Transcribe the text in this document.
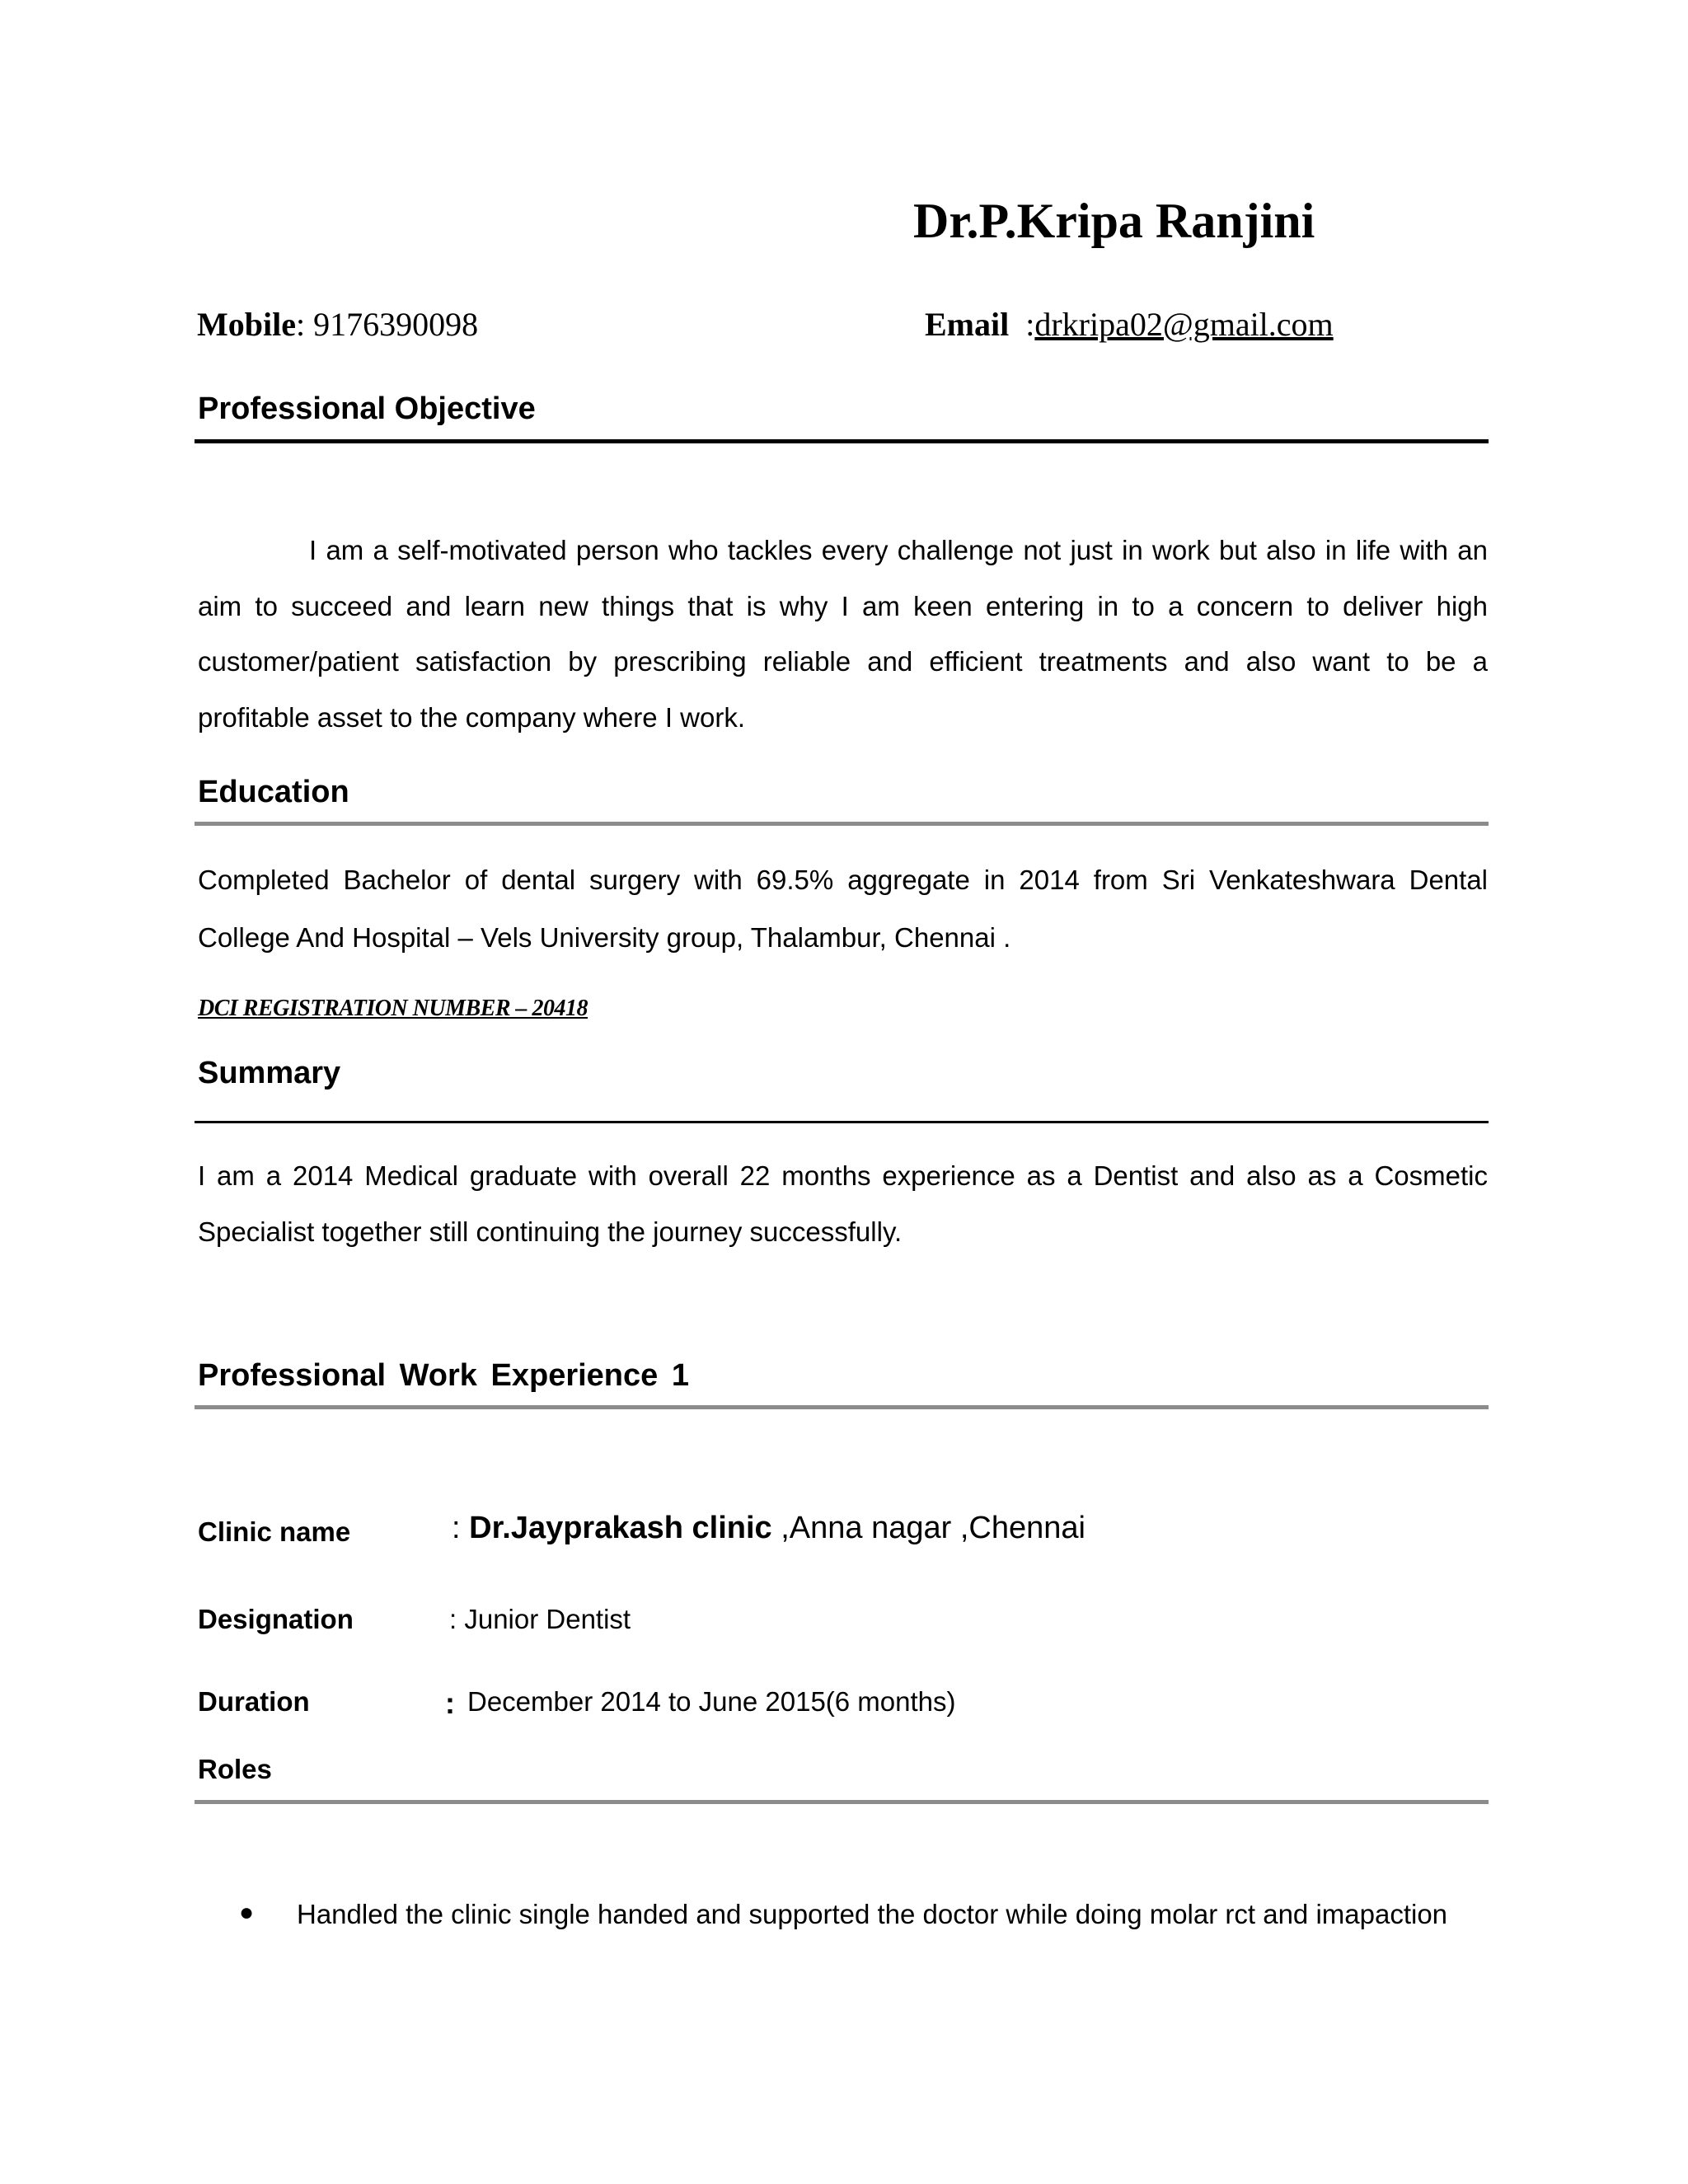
Dr.P.Kripa Ranjini
Mobile: 9176390098	Email :drkripa02@gmail.com
Professional Objective
I am a self-motivated person who tackles every challenge not just in work but also in life with an aim to succeed and learn new things that is why I am keen entering in to a concern to deliver high customer/patient satisfaction by prescribing reliable and efficient treatments and also want to be a profitable asset to the company where I work.
Education
Completed Bachelor of dental surgery with 69.5% aggregate in 2014 from Sri Venkateshwara Dental College And Hospital – Vels University group, Thalambur, Chennai .
DCI REGISTRATION NUMBER – 20418
Summary
I am a 2014 Medical graduate with overall 22 months experience as a Dentist and also as a Cosmetic Specialist together still continuing the journey successfully.
Professional Work Experience 1
Clinic name	: Dr.Jayprakash clinic ,Anna nagar ,Chennai
Designation	: Junior Dentist
Duration	: December 2014 to June 2015(6 months)
Roles
● Handled the clinic single handed and supported the doctor while doing molar rct and imapaction
